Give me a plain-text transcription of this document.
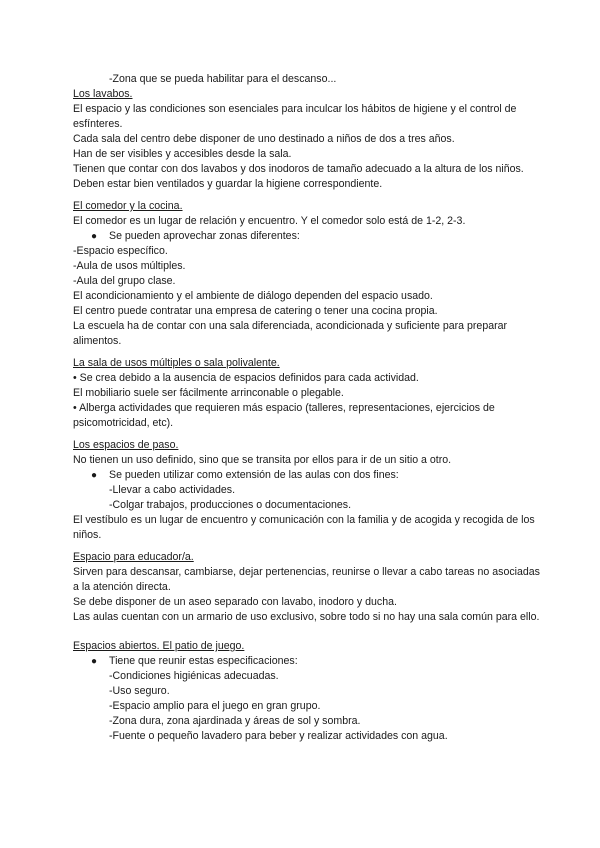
-Zona que se pueda habilitar para el descanso...
Los lavabos.
El espacio y las condiciones son esenciales para inculcar los hábitos de higiene y el control de esfínteres.
Cada sala del centro debe disponer de uno destinado a niños de dos a tres años.
Han de ser visibles y accesibles desde la sala.
Tienen que contar con dos lavabos y dos inodoros de tamaño adecuado a la altura de los niños.
Deben estar bien ventilados y guardar la higiene correspondiente.
El comedor y la cocina.
El comedor es un lugar de relación y encuentro. Y el comedor solo está de 1-2, 2-3.
●	Se pueden aprovechar zonas diferentes:
-Espacio específico.
-Aula de usos múltiples.
-Aula del grupo clase.
El acondicionamiento y el ambiente de diálogo dependen del espacio usado.
El centro puede contratar una empresa de catering o tener una cocina propia.
La escuela ha de contar con una sala diferenciada, acondicionada y suficiente para preparar alimentos.
La sala de usos múltiples o sala polivalente.
• Se crea debido a la ausencia de espacios definidos para cada actividad.
El mobiliario suele ser fácilmente arrinconable o plegable.
• Alberga actividades que requieren más espacio (talleres, representaciones, ejercicios de psicomotricidad, etc).
Los espacios de paso.
No tienen un uso definido, sino que se transita por ellos para ir de un sitio a otro.
●	Se pueden utilizar como extensión de las aulas con dos fines:
-Llevar a cabo actividades.
-Colgar trabajos, producciones o documentaciones.
El vestíbulo es un lugar de encuentro y comunicación con la familia y de acogida y recogida de los niños.
Espacio para educador/a.
Sirven para descansar, cambiarse, dejar pertenencias, reunirse o llevar a cabo tareas no asociadas a la atención directa.
Se debe disponer de un aseo separado con lavabo, inodoro y ducha.
Las aulas cuentan con un armario de uso exclusivo, sobre todo si no hay una sala común para ello.
Espacios abiertos. El patio de juego.
●	Tiene que reunir estas especificaciones:
-Condiciones higiénicas adecuadas.
-Uso seguro.
-Espacio amplio para el juego en gran grupo.
-Zona dura, zona ajardinada y áreas de sol y sombra.
-Fuente o pequeño lavadero para beber y realizar actividades con agua.
